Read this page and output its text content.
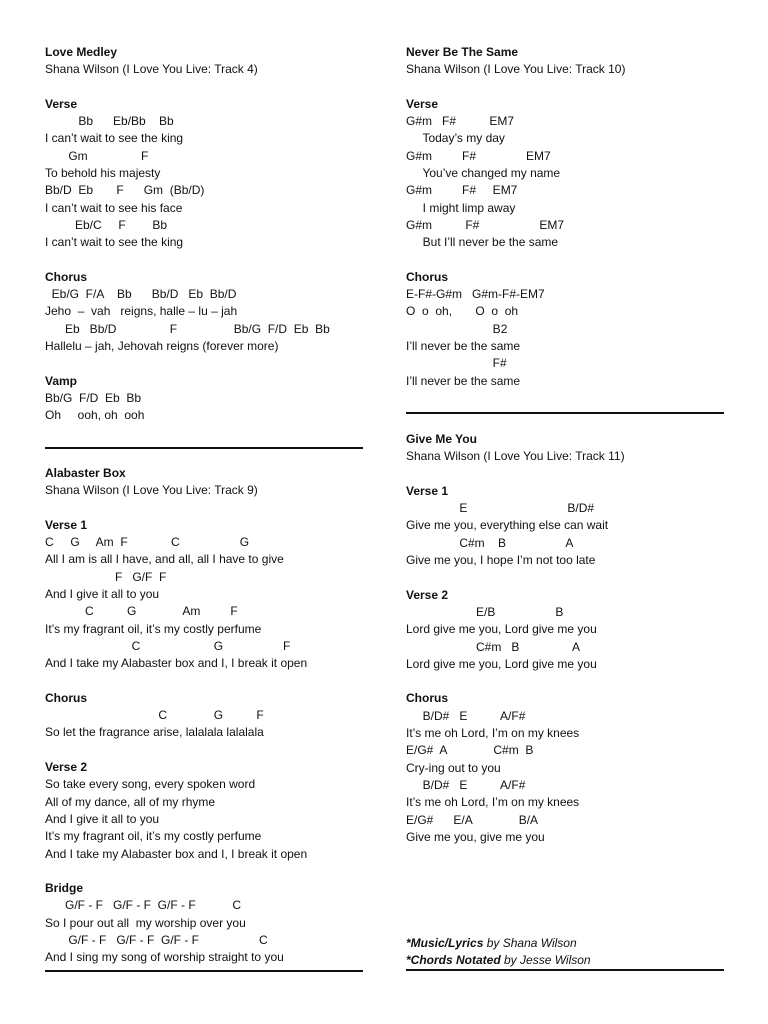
Love Medley
Shana Wilson (I Love You Live: Track 4)
Verse
Bb      Eb/Bb    Bb
I can’t wait to see the king
Gm                F
To behold his majesty
Bb/D  Eb       F      Gm  (Bb/D)
I can’t wait to see his face
Eb/C     F        Bb
I can’t wait to see the king
Chorus
Eb/G  F/A    Bb      Bb/D   Eb  Bb/D
Jeho  –  vah   reigns, halle – lu – jah
Eb   Bb/D                F                 Bb/G  F/D  Eb  Bb
Hallelu – jah, Jehovah reigns (forever more)
Vamp
Bb/G  F/D  Eb  Bb
Oh     ooh, oh  ooh
Alabaster Box
Shana Wilson (I Love You Live: Track 9)
Verse 1
C     G     Am  F             C                  G
All I am is all I have, and all, all I have to give
F   G/F  F
And I give it all to you
C          G              Am         F
It’s my fragrant oil, it’s my costly perfume
C                      G                  F
And I take my Alabaster box and I, I break it open
Chorus
C              G          F
So let the fragrance arise, lalalala lalalala
Verse 2
So take every song, every spoken word
All of my dance, all of my rhyme
And I give it all to you
It’s my fragrant oil, it’s my costly perfume
And I take my Alabaster box and I, I break it open
Bridge
G/F - F   G/F - F  G/F - F           C
So I pour out all  my worship over you
G/F - F   G/F - F  G/F - F                  C
And I sing my song of worship straight to you
Never Be The Same
Shana Wilson (I Love You Live: Track 10)
Verse
G#m   F#          EM7
Today’s my day
G#m         F#               EM7
You’ve changed my name
G#m         F#     EM7
I might limp away
G#m          F#                  EM7
But I’ll never be the same
Chorus
E-F#-G#m   G#m-F#-EM7
O  o  oh,       O  o  oh
B2
I’ll never be the same
F#
I’ll never be the same
Give Me You
Shana Wilson (I Love You Live: Track 11)
Verse 1
E                              B/D#
Give me you, everything else can wait
C#m    B                  A
Give me you, I hope I’m not too late
Verse 2
E/B                  B
Lord give me you, Lord give me you
C#m   B                A
Lord give me you, Lord give me you
Chorus
B/D#   E          A/F#
It’s me oh Lord, I’m on my knees
E/G#  A              C#m  B
Cry-ing out to you
B/D#   E          A/F#
It’s me oh Lord, I’m on my knees
E/G#      E/A              B/A
Give me you, give me you
*Music/Lyrics by Shana Wilson
*Chords Notated by Jesse Wilson
